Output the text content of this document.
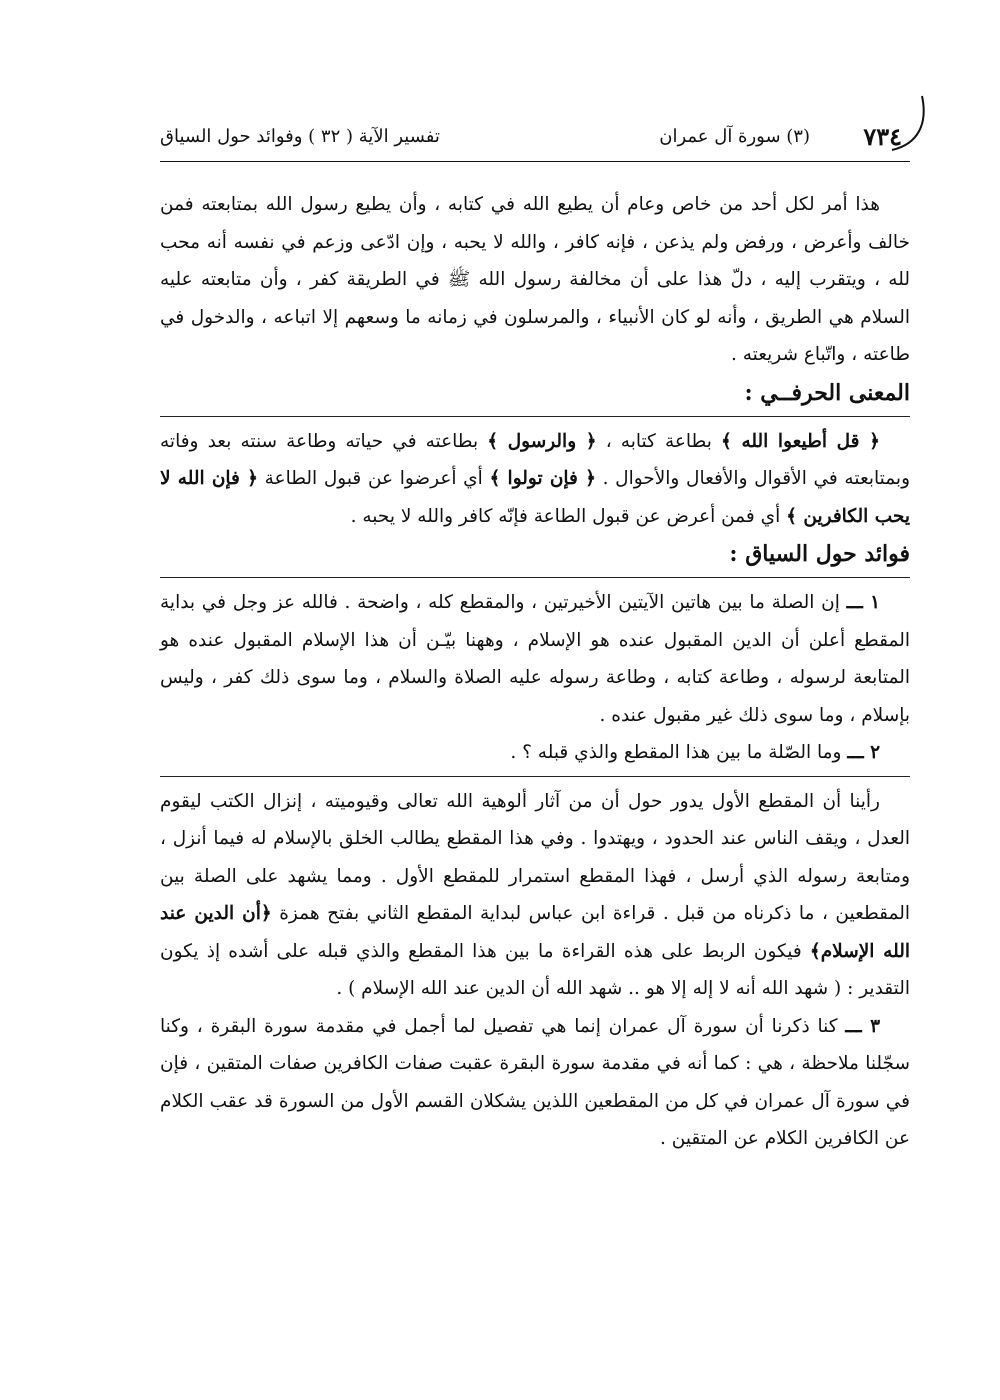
٧٣٤
(٣) سورة آل عمران
تفسير الآية ( ٣٢ ) وفوائد حول السياق

هذا أمر لكل أحد من خاص وعام أن يطيع الله في كتابه ، وأن يطيع رسول الله بمتابعته فمن خالف وأعرض ، ورفض ولم يذعن ، فإنه كافر ، والله لا يحبه ، وإن ادّعى وزعم في نفسه أنه محب لله ، ويتقرب إليه ، دلّ هذا على أن مخالفة رسول الله ﷺ في الطريقة كفر ، وأن متابعته عليه السلام هي الطريق ، وأنه لو كان الأنبياء ، والمرسلون في زمانه ما وسعهم إلا اتباعه ، والدخول في طاعته ، واتّباع شريعته .

المعنى الحرفــي :

﴿ قل أطيعوا الله ﴾ بطاعة كتابه ، ﴿ والرسول ﴾ بطاعته في حياته وطاعة سنته بعد وفاته وبمتابعته في الأقوال والأفعال والأحوال . ﴿ فإن تولوا ﴾ أي أعرضوا عن قبول الطاعة ﴿ فإن الله لا يحب الكافرين ﴾ أي فمن أعرض عن قبول الطاعة فإنّه كافر والله لا يحبه .

فوائد حول السياق :

١ ـــ إن الصلة ما بين هاتين الآيتين الأخيرتين ، والمقطع كله ، واضحة . فالله عز وجل في بداية المقطع أعلن أن الدين المقبول عنده هو الإسلام ، وههنا بيّـن أن هذا الإسلام المقبول عنده هو المتابعة لرسوله ، وطاعة كتابه ، وطاعة رسوله عليه الصلاة والسلام ، وما سوى ذلك كفر ، وليس بإسلام ، وما سوى ذلك غير مقبول عنده .

٢ ـــ وما الصّلة ما بين هذا المقطع والذي قبله ؟ .

رأينا أن المقطع الأول يدور حول أن من آثار ألوهية الله تعالى وقيوميته ، إنزال الكتب ليقوم العدل ، ويقف الناس عند الحدود ، ويهتدوا . وفي هذا المقطع يطالب الخلق بالإسلام له فيما أنزل ، ومتابعة رسوله الذي أرسل ، فهذا المقطع استمرار للمقطع الأول . ومما يشهد على الصلة بين المقطعين ، ما ذكرناه من قبل . قراءة ابن عباس لبداية المقطع الثاني بفتح همزة ﴿أن الدين عند الله الإسلام﴾ فيكون الربط على هذه القراءة ما بين هذا المقطع والذي قبله على أشده إذ يكون التقدير : ( شهد الله أنه لا إله إلا هو .. شهد الله أن الدين عند الله الإسلام ) .

٣ ـــ كنا ذكرنا أن سورة آل عمران إنما هي تفصيل لما أجمل في مقدمة سورة البقرة ، وكنا سجّلنا ملاحظة ، هي : كما أنه في مقدمة سورة البقرة عقبت صفات الكافرين صفات المتقين ، فإن في سورة آل عمران في كل من المقطعين اللذين يشكلان القسم الأول من السورة قد عقب الكلام عن الكافرين الكلام عن المتقين .
